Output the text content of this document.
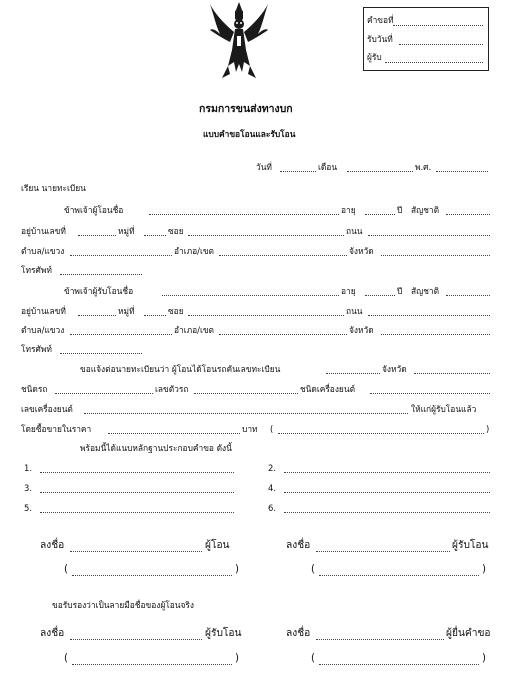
คำขอที่
รับวันที่
ผู้รับ
กรมการขนส่งทางบก
แบบคำขอโอนและรับโอน
วันที่	เดือน	พ.ศ.
เรียน นายทะเบียน
ข้าพเจ้าผู้โอนชื่อ	อายุ	ปี สัญชาติ
อยู่บ้านเลขที่	หมู่ที่	ซอย	ถนน
ตำบล/แขวง	อำเภอ/เขต	จังหวัด
โทรศัพท์
ข้าพเจ้าผู้รับโอนชื่อ	อายุ	ปี สัญชาติ
อยู่บ้านเลขที่	หมู่ที่	ซอย	ถนน
ตำบล/แขวง	อำเภอ/เขต	จังหวัด
โทรศัพท์
ขอแจ้งต่อนายทะเบียนว่า ผู้โอนได้โอนรถคันเลขทะเบียน	จังหวัด
ชนิดรถ	เลขตัวรถ	ชนิดเครื่องยนต์
เลขเครื่องยนต์	ให้แก่ผู้รับโอนแล้ว
โดยซื้อขายในราคา	บาท (	)
พร้อมนี้ได้แนบหลักฐานประกอบคำขอ ดังนี้
1.	2.
3.	4.
5.	6.
ลงชื่อ	ผู้โอน	ลงชื่อ	ผู้รับโอน
(	)	(	)
ขอรับรองว่าเป็นลายมือชื่อของผู้โอนจริง
ลงชื่อ	ผู้รับโอน	ลงชื่อ	ผู้ยื่นคำขอ
(	)	(	)
